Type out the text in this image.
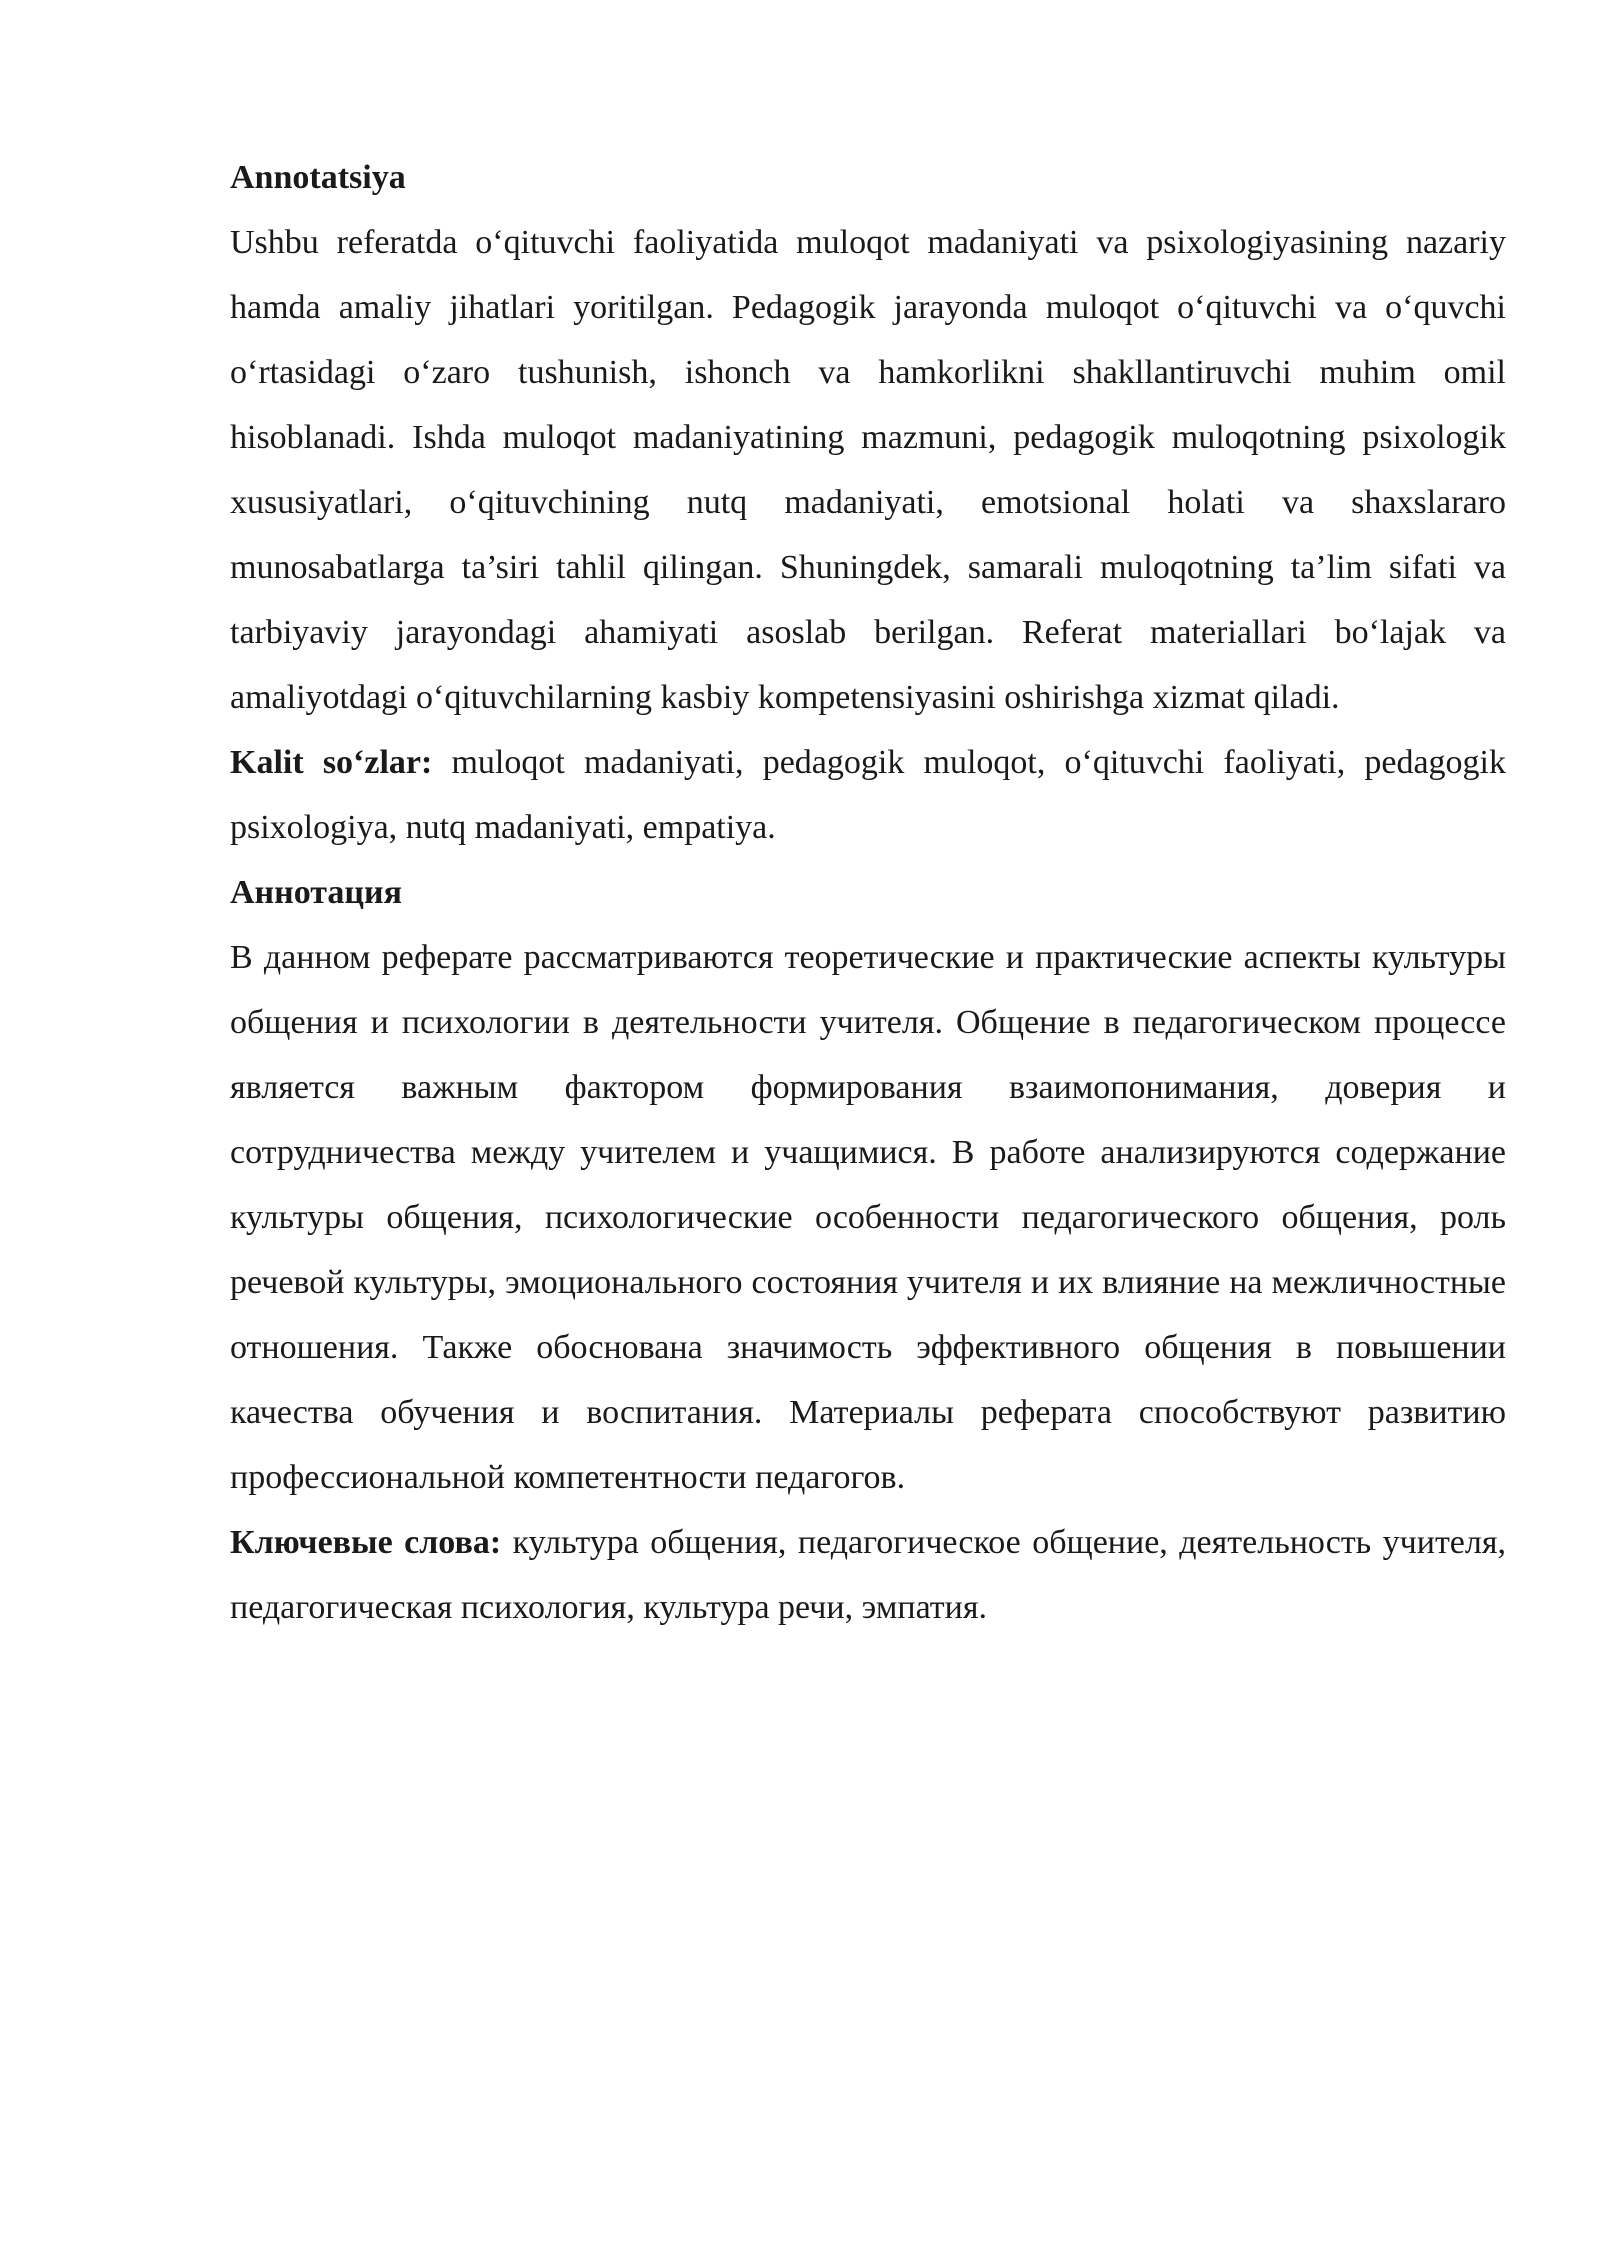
Annotatsiya

Ushbu referatda o‘qituvchi faoliyatida muloqot madaniyati va psixologiyasining nazariy hamda amaliy jihatlari yoritilgan. Pedagogik jarayonda muloqot o‘qituvchi va o‘quvchi o‘rtasidagi o‘zaro tushunish, ishonch va hamkorlikni shakllantiruvchi muhim omil hisoblanadi. Ishda muloqot madaniyatining mazmuni, pedagogik muloqotning psixologik xususiyatlari, o‘qituvchining nutq madaniyati, emotsional holati va shaxslararo munosabatlarga ta’siri tahlil qilingan. Shuningdek, samarali muloqotning ta’lim sifati va tarbiyaviy jarayondagi ahamiyati asoslab berilgan. Referat materiallari bo‘lajak va amaliyotdagi o‘qituvchilarning kasbiy kompetensiyasini oshirishga xizmat qiladi.

Kalit so‘zlar: muloqot madaniyati, pedagogik muloqot, o‘qituvchi faoliyati, pedagogik psixologiya, nutq madaniyati, empatiya.

Аннотация

В данном реферате рассматриваются теоретические и практические аспекты культуры общения и психологии в деятельности учителя. Общение в педагогическом процессе является важным фактором формирования взаимопонимания, доверия и сотрудничества между учителем и учащимися. В работе анализируются содержание культуры общения, психологические особенности педагогического общения, роль речевой культуры, эмоционального состояния учителя и их влияние на межличностные отношения. Также обоснована значимость эффективного общения в повышении качества обучения и воспитания. Материалы реферата способствуют развитию профессиональной компетентности педагогов.

Ключевые слова: культура общения, педагогическое общение, деятельность учителя, педагогическая психология, культура речи, эмпатия.
